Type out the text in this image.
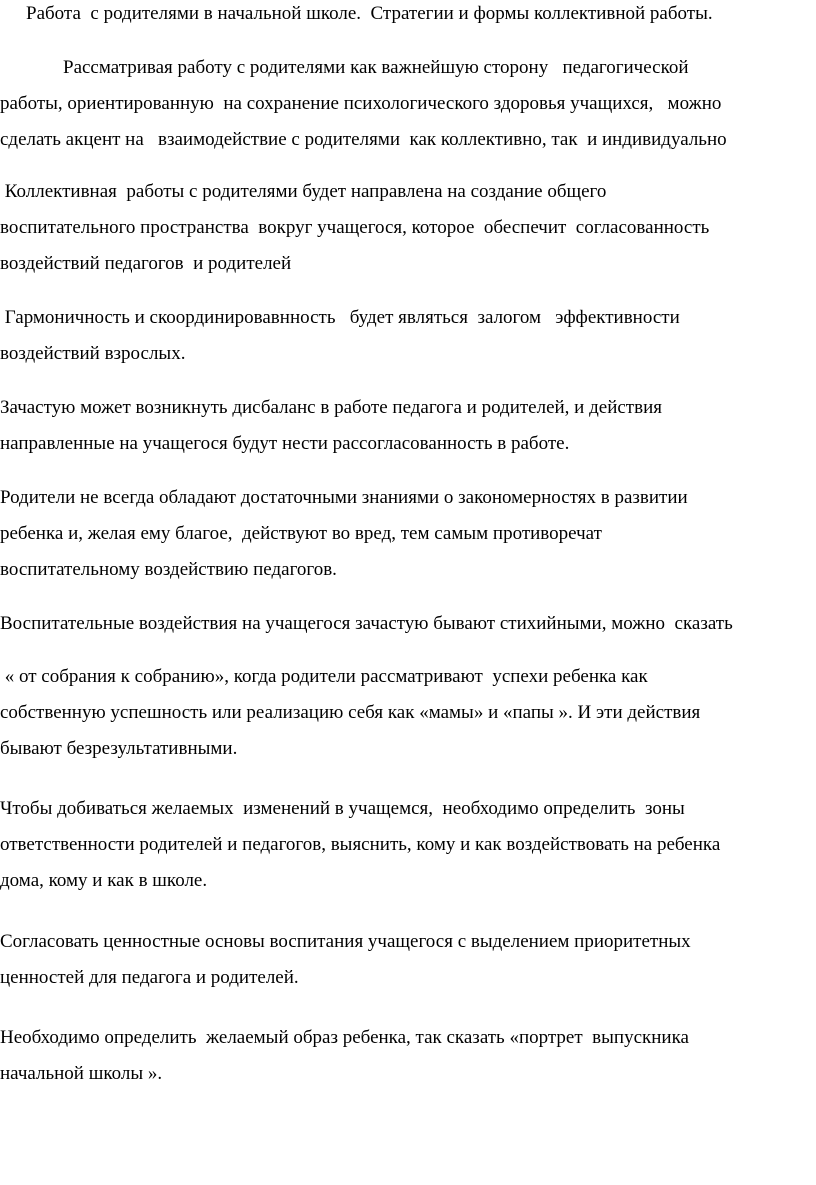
Работа  с родителями в начальной школе.  Стратегии и формы коллективной работы.
Рассматривая работу с родителями как важнейшую сторону   педагогической
работы, ориентированную  на сохранение психологического здоровья учащихся,   можно
сделать акцент на   взаимодействие с родителями  как коллективно, так  и индивидуально
Коллективная  работы с родителями будет направлена на создание общего
воспитательного пространства  вокруг учащегося, которое  обеспечит  согласованность
воздействий педагогов  и родителей
Гармоничность и скоординировавнность   будет являться  залогом   эффективности
воздействий взрослых.
Зачастую может возникнуть дисбаланс в работе педагога и родителей, и действия
направленные на учащегося будут нести рассогласованность в работе.
Родители не всегда обладают достаточными знаниями о закономерностях в развитии
ребенка и, желая ему благое,  действуют во вред, тем самым противоречат
воспитательному воздействию педагогов.
Воспитательные воздействия на учащегося зачастую бывают стихийными, можно  сказать
« от собрания к собранию», когда родители рассматривают  успехи ребенка как
собственную успешность или реализацию себя как «мамы» и «папы ». И эти действия
бывают безрезультативными.
Чтобы добиваться желаемых  изменений в учащемся,  необходимо определить  зоны
ответственности родителей и педагогов, выяснить, кому и как воздействовать на ребенка
дома, кому и как в школе.
Согласовать ценностные основы воспитания учащегося с выделением приоритетных
ценностей для педагога и родителей.
Необходимо определить  желаемый образ ребенка, так сказать «портрет  выпускника
начальной школы ».
